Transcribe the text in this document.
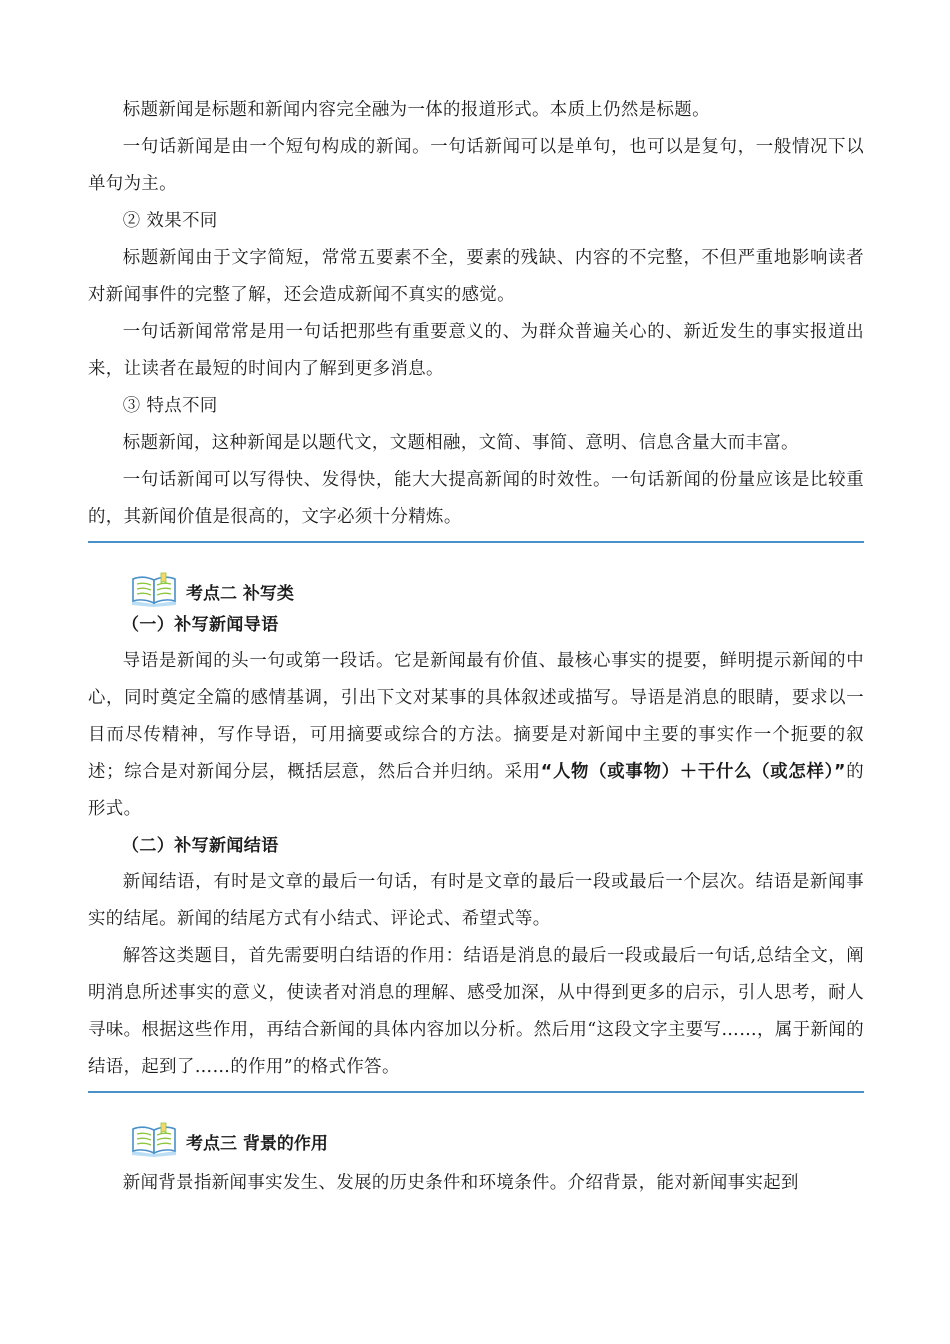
标题新闻是标题和新闻内容完全融为一体的报道形式。本质上仍然是标题。

一句话新闻是由一个短句构成的新闻。一句话新闻可以是单句，也可以是复句，一般情况下以单句为主。

② 效果不同

标题新闻由于文字简短，常常五要素不全，要素的残缺、内容的不完整，不但严重地影响读者对新闻事件的完整了解，还会造成新闻不真实的感觉。

一句话新闻常常是用一句话把那些有重要意义的、为群众普遍关心的、新近发生的事实报道出来，让读者在最短的时间内了解到更多消息。

③ 特点不同

标题新闻，这种新闻是以题代文，文题相融，文简、事简、意明、信息含量大而丰富。

一句话新闻可以写得快、发得快，能大大提高新闻的时效性。一句话新闻的份量应该是比较重的，其新闻价值是很高的，文字必须十分精炼。

考点二 补写类

（一）补写新闻导语

导语是新闻的头一句或第一段话。它是新闻最有价值、最核心事实的提要，鲜明提示新闻的中心，同时奠定全篇的感情基调，引出下文对某事的具体叙述或描写。导语是消息的眼睛，要求以一目而尽传精神，写作导语，可用摘要或综合的方法。摘要是对新闻中主要的事实作一个扼要的叙述；综合是对新闻分层，概括层意，然后合并归纳。采用“人物（或事物）＋干什么（或怎样）”的形式。

（二）补写新闻结语

新闻结语，有时是文章的最后一句话，有时是文章的最后一段或最后一个层次。结语是新闻事实的结尾。新闻的结尾方式有小结式、评论式、希望式等。

解答这类题目，首先需要明白结语的作用：结语是消息的最后一段或最后一句话,总结全文，阐明消息所述事实的意义，使读者对消息的理解、感受加深，从中得到更多的启示，引人思考，耐人寻味。根据这些作用，再结合新闻的具体内容加以分析。然后用“这段文字主要写……，属于新闻的结语，起到了……的作用”的格式作答。

考点三 背景的作用

新闻背景指新闻事实发生、发展的历史条件和环境条件。介绍背景，能对新闻事实起到
